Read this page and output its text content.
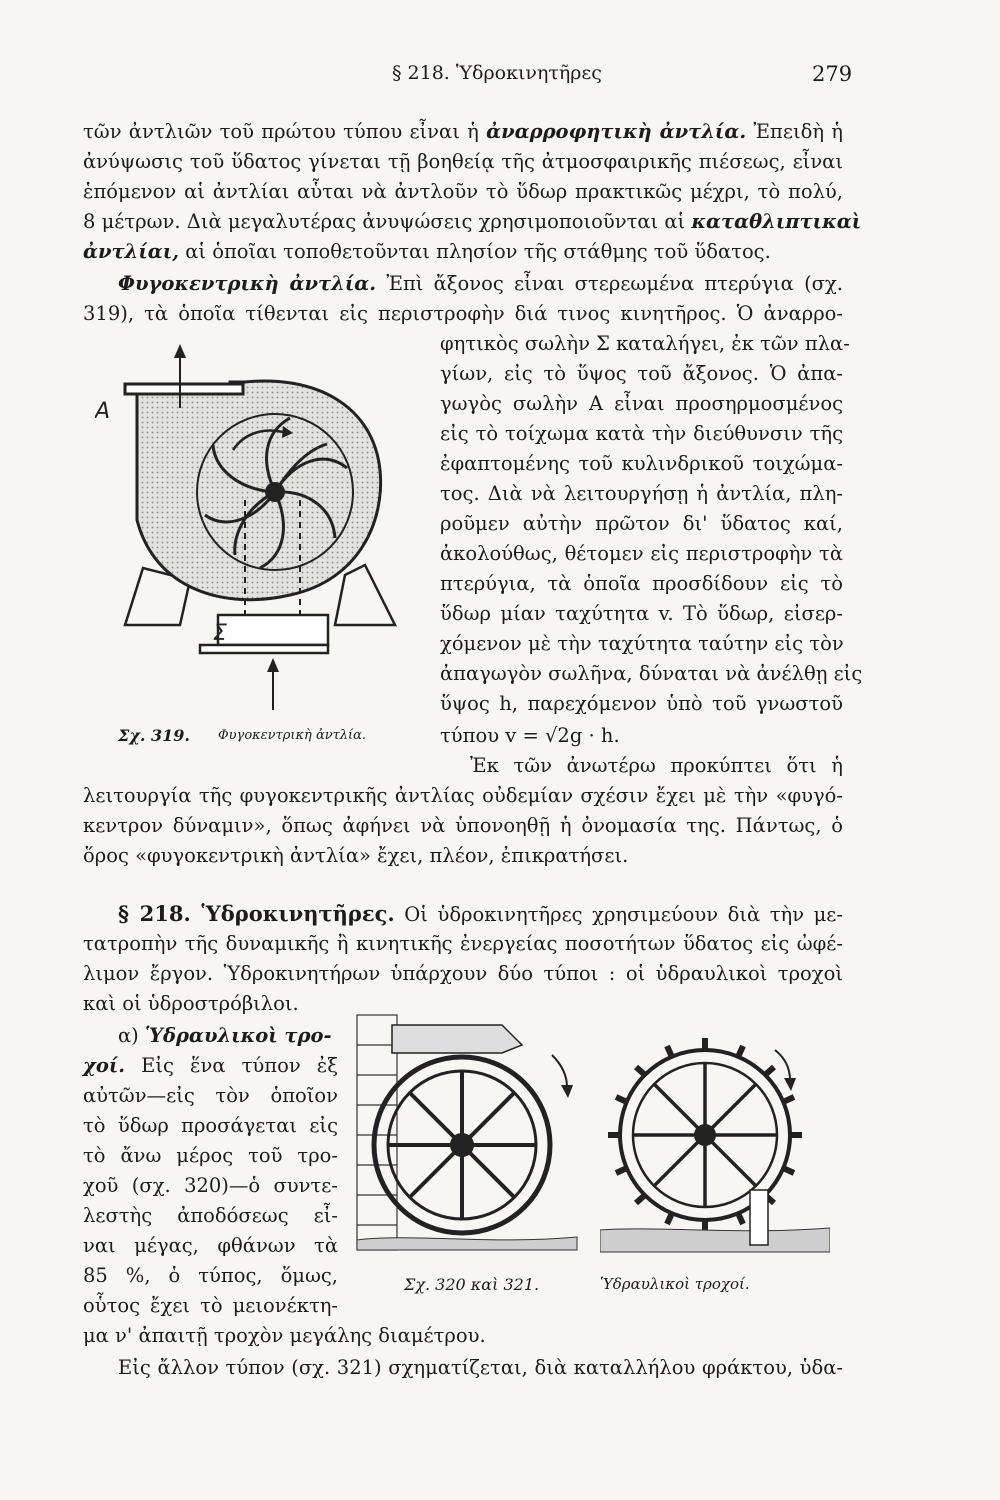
§ 218. Ὑδροκινητῆρες	279
τῶν ἀντλιῶν τοῦ πρώτου τύπου εἶναι ἡ ἀναρροφητικὴ ἀντλία. Ἐπειδὴ ἡ
ἀνύψωσις τοῦ ὕδατος γίνεται τῇ βοηθείᾳ τῆς ἀτμοσφαιρικῆς πιέσεως, εἶναι
ἑπόμενον αἱ ἀντλίαι αὗται νὰ ἀντλοῦν τὸ ὕδωρ πρακτικῶς μέχρι, τὸ πολύ,
8 μέτρων. Διὰ μεγαλυτέρας ἀνυψώσεις χρησιμοποιοῦνται αἱ καταθλιπτικαὶ
ἀντλίαι, αἱ ὁποῖαι τοποθετοῦνται πλησίον τῆς στάθμης τοῦ ὕδατος.
Φυγοκεντρικὴ ἀντλία. Ἐπὶ ἄξονος εἶναι στερεωμένα πτερύγια (σχ.
319), τὰ ὁποῖα τίθενται εἰς περιστροφὴν διά τινος κινητῆρος. Ὁ ἀναρρο-
φητικὸς σωλὴν Σ καταλήγει, ἐκ τῶν πλα-
γίων, εἰς τὸ ὕψος τοῦ ἄξονος. Ὁ ἀπα-
γωγὸς σωλὴν Α εἶναι προσηρμοσμένος
εἰς τὸ τοίχωμα κατὰ τὴν διεύθυνσιν τῆς
ἐφαπτομένης τοῦ κυλινδρικοῦ τοιχώμα-
τος. Διὰ νὰ λειτουργήσῃ ἡ ἀντλία, πλη-
ροῦμεν αὐτὴν πρῶτον δι' ὕδατος καί,
ἀκολούθως, θέτομεν εἰς περιστροφὴν τὰ
πτερύγια, τὰ ὁποῖα προσδίδουν εἰς τὸ
ὕδωρ μίαν ταχύτητα v. Τὸ ὕδωρ, εἰσερ-
χόμενον μὲ τὴν ταχύτητα ταύτην εἰς τὸν
ἀπαγωγὸν σωλῆνα, δύναται νὰ ἀνέλθῃ εἰς
ὕψος h, παρεχόμενον ὑπὸ τοῦ γνωστοῦ
τύπου v = √2g · h.
Ἐκ τῶν ἀνωτέρω προκύπτει ὅτι ἡ
λειτουργία τῆς φυγοκεντρικῆς ἀντλίας οὐδεμίαν σχέσιν ἔχει μὲ τὴν «φυγό-
κεντρον δύναμιν», ὅπως ἀφήνει νὰ ὑπονοηθῇ ἡ ὀνομασία της. Πάντως, ὁ
ὅρος «φυγοκεντρικὴ ἀντλία» ἔχει, πλέον, ἐπικρατήσει.
A
Σ
Σχ. 319. Φυγοκεντρικὴ ἀντλία.
§ 218. Ὑδροκινητῆρες. Οἱ ὑδροκινητῆρες χρησιμεύουν διὰ τὴν με-
τατροπὴν τῆς δυναμικῆς ἢ κινητικῆς ἐνεργείας ποσοτήτων ὕδατος εἰς ὠφέ-
λιμον ἔργον. Ὑδροκινητήρων ὑπάρχουν δύο τύποι : οἱ ὑδραυλικοὶ τροχοὶ
καὶ οἱ ὑδροστρόβιλοι.
α) Ὑδραυλικοὶ τρο-
χοί. Εἰς ἕνα τύπον ἐξ
αὐτῶν—εἰς τὸν ὁποῖον
τὸ ὕδωρ προσάγεται εἰς
τὸ ἄνω μέρος τοῦ τρο-
χοῦ (σχ. 320)—ὁ συντε-
λεστὴς ἀποδόσεως εἶ-
ναι μέγας, φθάνων τὰ
85 %, ὁ τύπος, ὅμως,
οὗτος ἔχει τὸ μειονέκτη-
μα ν' ἀπαιτῇ τροχὸν μεγάλης διαμέτρου.
Εἰς ἄλλον τύπον (σχ. 321) σχηματίζεται, διὰ καταλλήλου φράκτου, ὑδα-
Σχ. 320 καὶ 321.	Ὑδραυλικοὶ τροχοί.
